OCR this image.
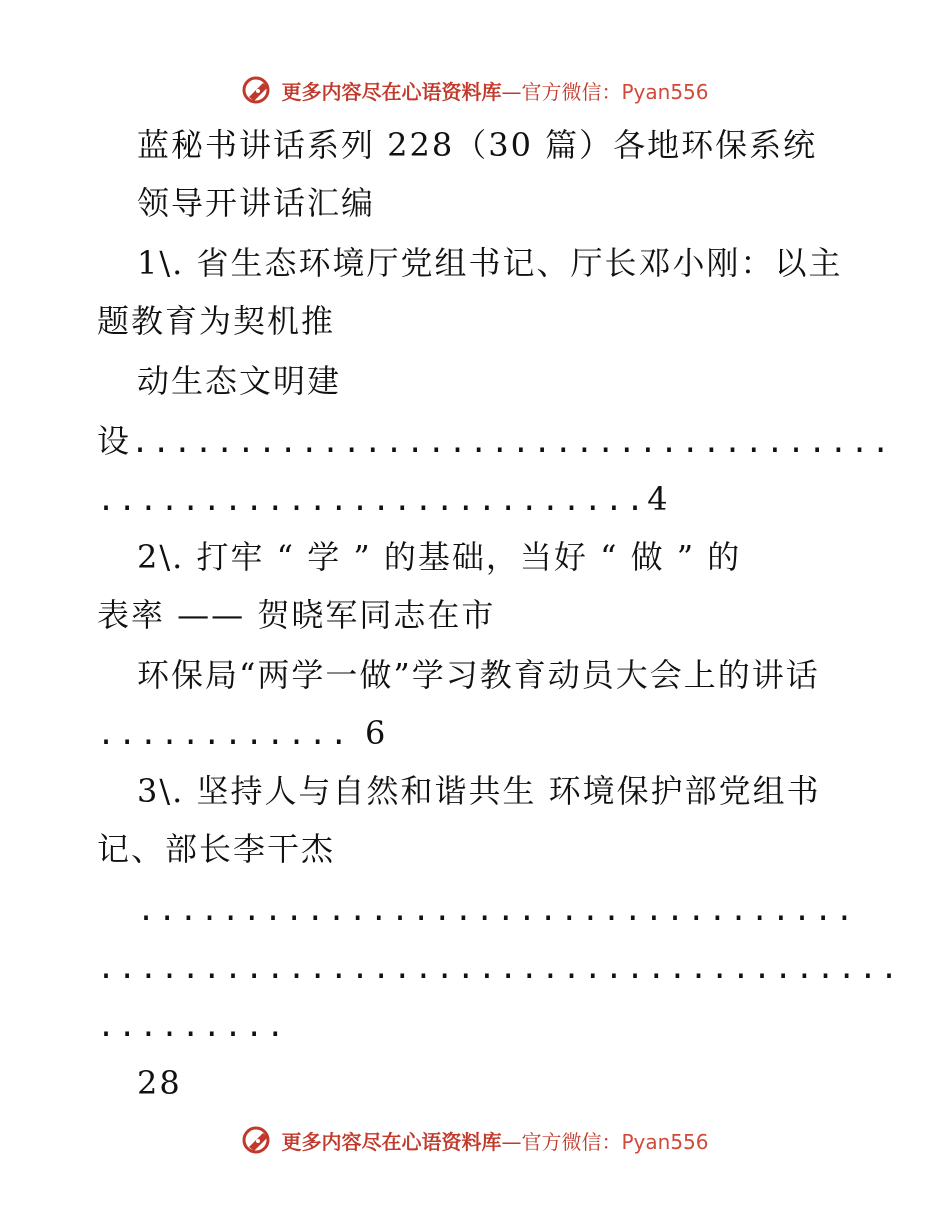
更多内容尽在心语资料库—官方微信：Pyan556
蓝秘书讲话系列 228（30 篇）各地环保系统
领导开讲话汇编
1\. 省生态环境厅党组书记、厅长邓小刚：以主
题教育为契机推
动生态文明建
设....................................
..........................4
2\. 打牢 “ 学 ” 的基础，当好 “ 做 ” 的
表率 —— 贺晓军同志在市
环保局“两学一做”学习教育动员大会上的讲话
............ 6
3\. 坚持人与自然和谐共生 环境保护部党组书
记、部长李干杰
..................................
......................................
.........
28
更多内容尽在心语资料库—官方微信：Pyan556
